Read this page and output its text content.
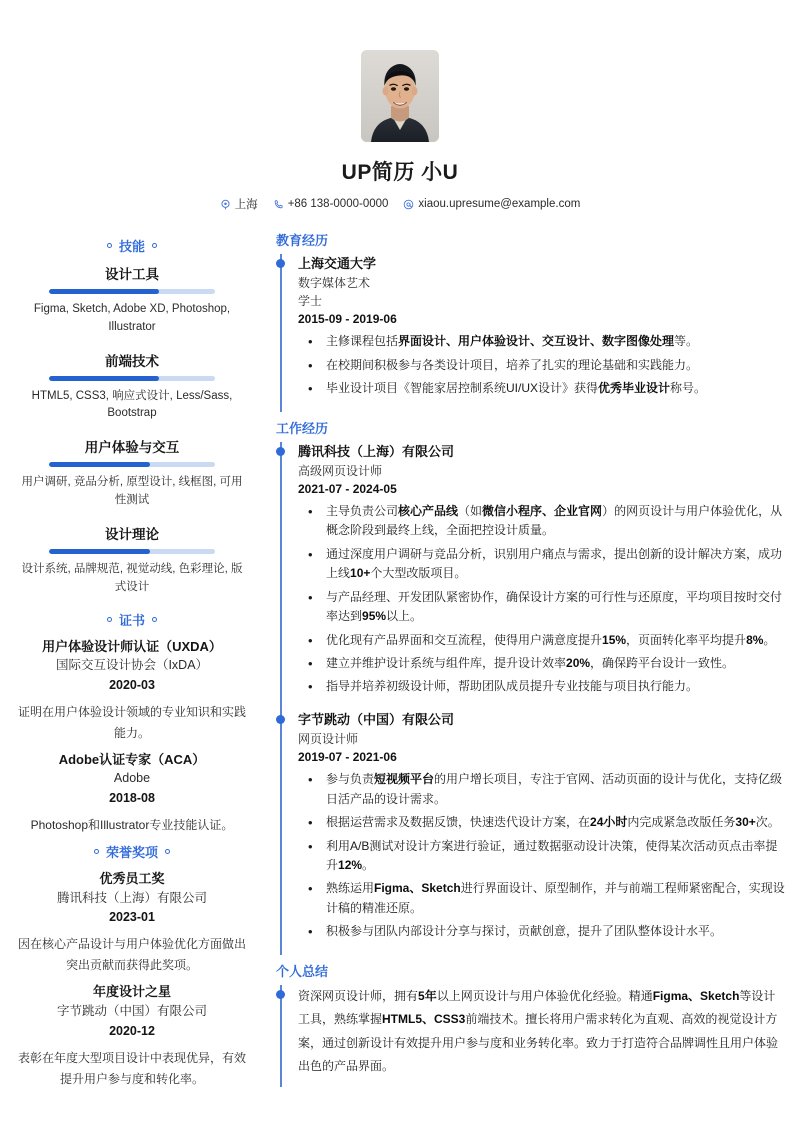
UP简历 小U
上海	+86 138-0000-0000	xiaou.upresume@example.com
技能
设计工具
Figma, Sketch, Adobe XD, Photoshop, Illustrator
前端技术
HTML5, CSS3, 响应式设计, Less/Sass, Bootstrap
用户体验与交互
用户调研, 竞品分析, 原型设计, 线框图, 可用性测试
设计理论
设计系统, 品牌规范, 视觉动线, 色彩理论, 版式设计
证书
用户体验设计师认证（UXDA）
国际交互设计协会（IxDA）
2020-03
证明在用户体验设计领域的专业知识和实践能力。
Adobe认证专家（ACA）
Adobe
2018-08
Photoshop和Illustrator专业技能认证。
荣誉奖项
优秀员工奖
腾讯科技（上海）有限公司
2023-01
因在核心产品设计与用户体验优化方面做出突出贡献而获得此奖项。
年度设计之星
字节跳动（中国）有限公司
2020-12
表彰在年度大型项目设计中表现优异，有效提升用户参与度和转化率。
教育经历
上海交通大学
数字媒体艺术
学士
2015-09 - 2019-06
• 主修课程包括界面设计、用户体验设计、交互设计、数字图像处理等。
• 在校期间积极参与各类设计项目，培养了扎实的理论基础和实践能力。
• 毕业设计项目《智能家居控制系统UI/UX设计》获得优秀毕业设计称号。
工作经历
腾讯科技（上海）有限公司
高级网页设计师
2021-07 - 2024-05
• 主导负责公司核心产品线（如微信小程序、企业官网）的网页设计与用户体验优化，从概念阶段到最终上线，全面把控设计质量。
• 通过深度用户调研与竞品分析，识别用户痛点与需求，提出创新的设计解决方案，成功上线10+个大型改版项目。
• 与产品经理、开发团队紧密协作，确保设计方案的可行性与还原度，平均项目按时交付率达到95%以上。
• 优化现有产品界面和交互流程，使得用户满意度提升15%，页面转化率平均提升8%。
• 建立并维护设计系统与组件库，提升设计效率20%，确保跨平台设计一致性。
• 指导并培养初级设计师，帮助团队成员提升专业技能与项目执行能力。
字节跳动（中国）有限公司
网页设计师
2019-07 - 2021-06
• 参与负责短视频平台的用户增长项目，专注于官网、活动页面的设计与优化，支持亿级日活产品的设计需求。
• 根据运营需求及数据反馈，快速迭代设计方案，在24小时内完成紧急改版任务30+次。
• 利用A/B测试对设计方案进行验证，通过数据驱动设计决策，使得某次活动页点击率提升12%。
• 熟练运用Figma、Sketch进行界面设计、原型制作，并与前端工程师紧密配合，实现设计稿的精准还原。
• 积极参与团队内部设计分享与探讨，贡献创意，提升了团队整体设计水平。
个人总结
资深网页设计师，拥有5年以上网页设计与用户体验优化经验。精通Figma、Sketch等设计工具，熟练掌握HTML5、CSS3前端技术。擅长将用户需求转化为直观、高效的视觉设计方案，通过创新设计有效提升用户参与度和业务转化率。致力于打造符合品牌调性且用户体验出色的产品界面。
